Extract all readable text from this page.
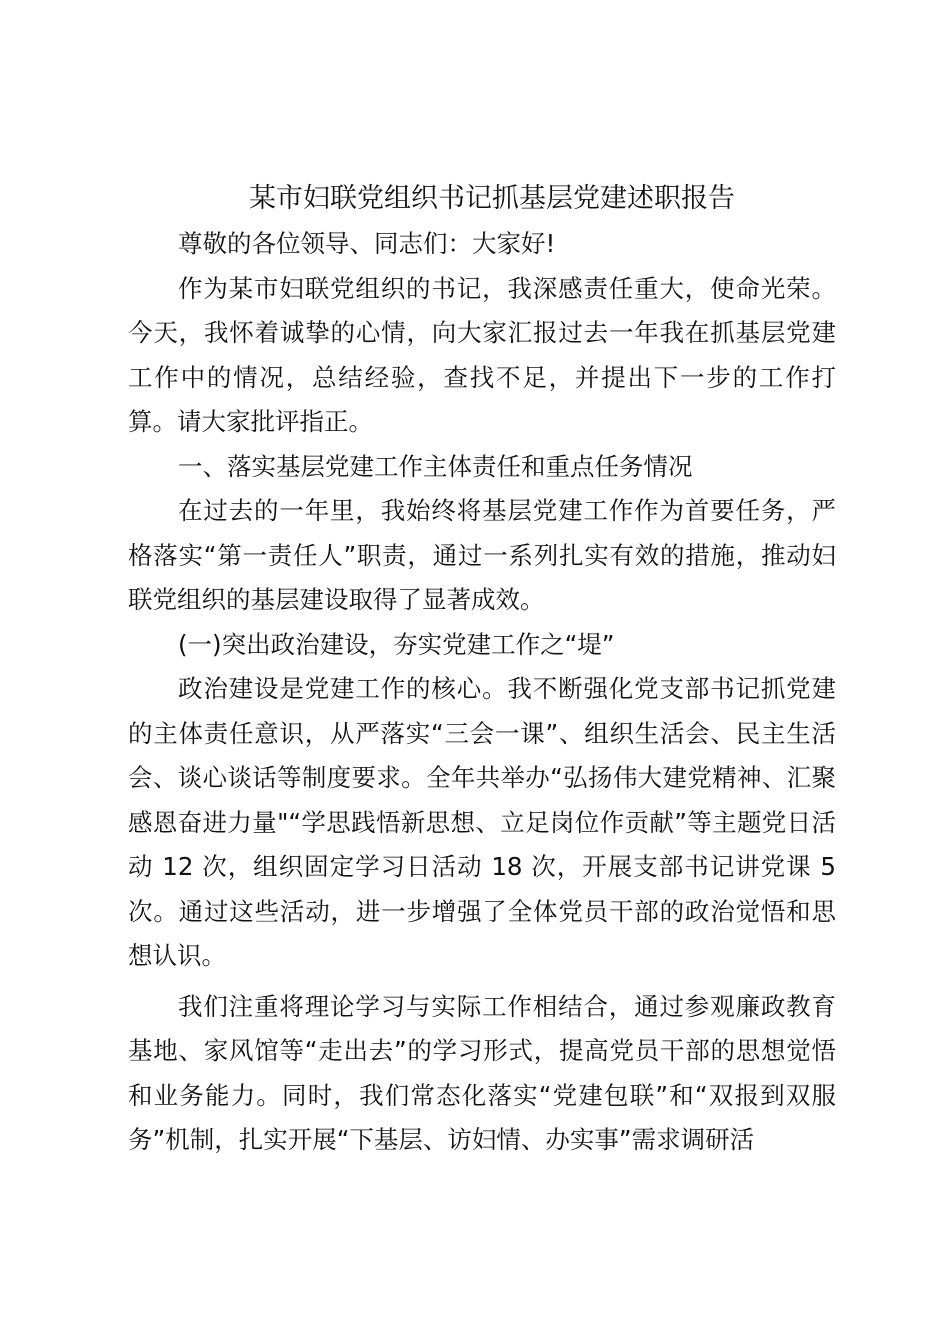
某市妇联党组织书记抓基层党建述职报告

尊敬的各位领导、同志们：大家好!

作为某市妇联党组织的书记，我深感责任重大，使命光荣。今天，我怀着诚挚的心情，向大家汇报过去一年我在抓基层党建工作中的情况，总结经验，查找不足，并提出下一步的工作打算。请大家批评指正。

一、落实基层党建工作主体责任和重点任务情况

在过去的一年里，我始终将基层党建工作作为首要任务，严格落实“第一责任人”职责，通过一系列扎实有效的措施，推动妇联党组织的基层建设取得了显著成效。

(一)突出政治建设，夯实党建工作之“堤”

政治建设是党建工作的核心。我不断强化党支部书记抓党建的主体责任意识，从严落实“三会一课”、组织生活会、民主生活会、谈心谈话等制度要求。全年共举办“弘扬伟大建党精神、汇聚感恩奋进力量"“学思践悟新思想、立足岗位作贡献”等主题党日活动 12 次，组织固定学习日活动 18 次，开展支部书记讲党课 5 次。通过这些活动，进一步增强了全体党员干部的政治觉悟和思想认识。

我们注重将理论学习与实际工作相结合，通过参观廉政教育基地、家风馆等“走出去”的学习形式，提高党员干部的思想觉悟和业务能力。同时，我们常态化落实“党建包联”和“双报到双服务”机制，扎实开展“下基层、访妇情、办实事”需求调研活
